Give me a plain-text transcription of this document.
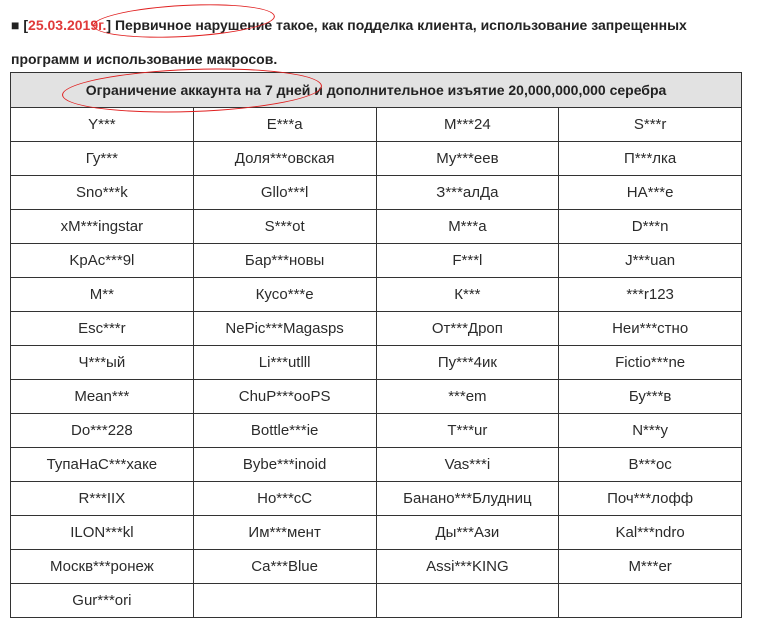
■ [25.03.2019г.] Первичное нарушение такое, как подделка клиента, использование запрещенных программ и использование макросов.
Ограничение аккаунта на 7 дней и дополнительное изъятие 20,000,000,000 серебра			
Y***	E***a	M***24	S***r
Гу***	Доля***овская	Му***еев	П***лка
Sno***k	Gllo***l	З***алДа	НА***е
xM***ingstar	S***ot	M***a	D***n
KpAc***9l	Бар***новы	F***l	J***uan
M**	Кусо***е	К***	***r123
Esc***r	NePic***Magasps	От***Дроп	Неи***стно
Ч***ый	Li***utlll	Пу***4ик	Fictio***ne
Mean***	ChuP***ooPS	***em	Бу***в
Do***228	Bottle***ie	T***ur	N***y
ТупаНаС***хаке	Bybe***inoid	Vas***i	B***oc
R***IIX	Ho***cC	Банано***Блудниц	Поч***лофф
ILON***kl	Им***мент	Ды***Ази	Kal***ndro
Москв***ронеж	Ca***Blue	Assi***KING	M***er
Gur***ori			
